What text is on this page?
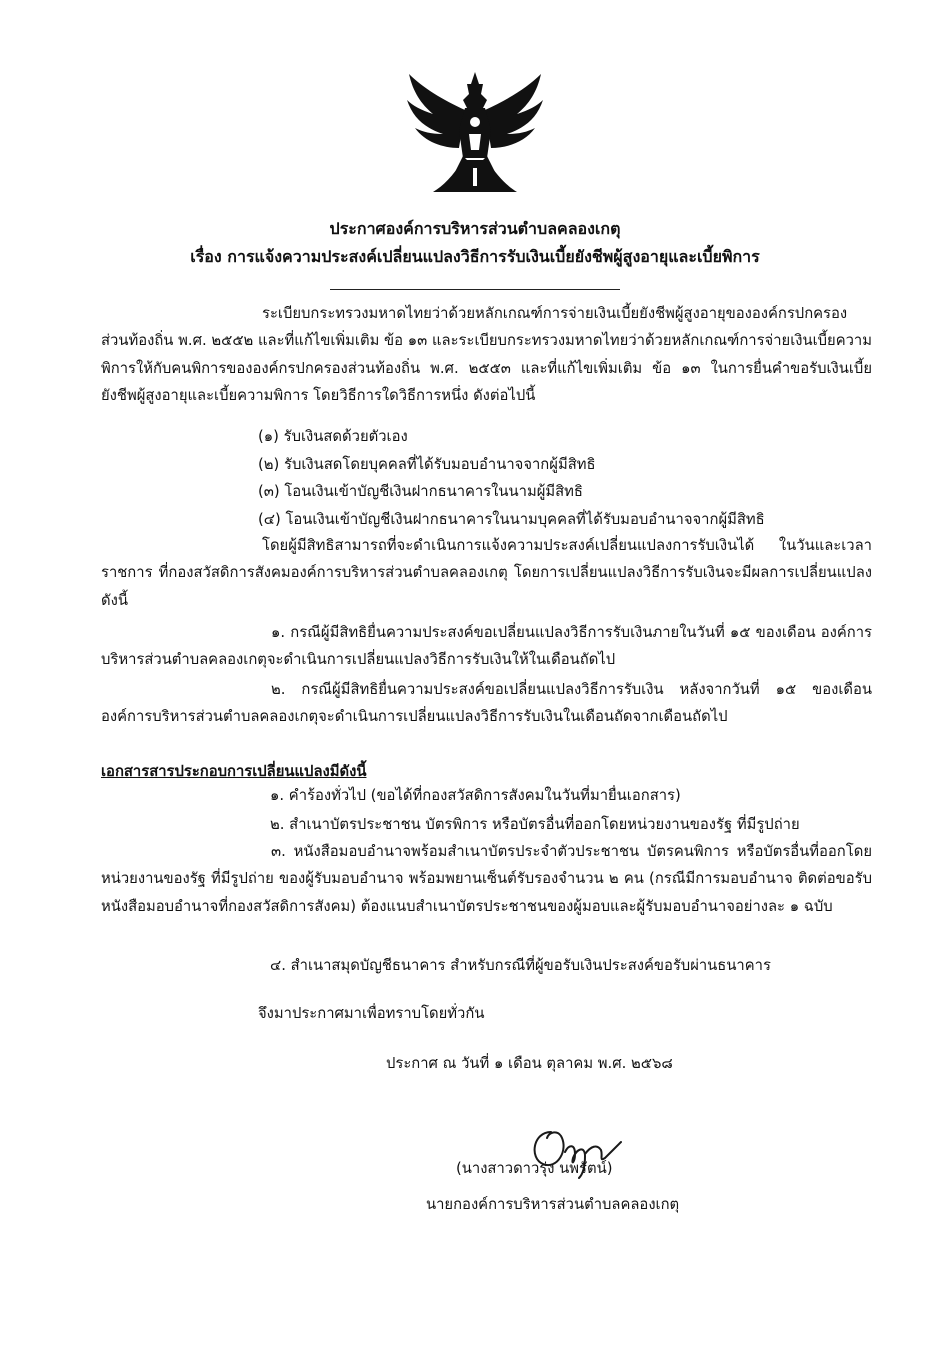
ประกาศองค์การบริหารส่วนตำบลคลองเกตุ
เรื่อง การแจ้งความประสงค์เปลี่ยนแปลงวิธีการรับเงินเบี้ยยังชีพผู้สูงอายุและเบี้ยพิการ
ระเบียบกระทรวงมหาดไทยว่าด้วยหลักเกณฑ์การจ่ายเงินเบี้ยยังชีพผู้สูงอายุขององค์กรปกครองส่วนท้องถิ่น พ.ศ. ๒๕๕๒ และที่แก้ไขเพิ่มเติม ข้อ ๑๓ และระเบียบกระทรวงมหาดไทยว่าด้วยหลักเกณฑ์การจ่ายเงินเบี้ยความพิการให้กับคนพิการขององค์กรปกครองส่วนท้องถิ่น พ.ศ. ๒๕๕๓ และที่แก้ไขเพิ่มเติม ข้อ ๑๓ ในการยื่นคำขอรับเงินเบี้ยยังชีพผู้สูงอายุและเบี้ยความพิการ โดยวิธีการใดวิธีการหนึ่ง ดังต่อไปนี้
(๑) รับเงินสดด้วยตัวเอง
(๒) รับเงินสดโดยบุคคลที่ได้รับมอบอำนาจจากผู้มีสิทธิ
(๓) โอนเงินเข้าบัญชีเงินฝากธนาคารในนามผู้มีสิทธิ
(๔) โอนเงินเข้าบัญชีเงินฝากธนาคารในนามบุคคลที่ได้รับมอบอำนาจจากผู้มีสิทธิ
โดยผู้มีสิทธิสามารถที่จะดำเนินการแจ้งความประสงค์เปลี่ยนแปลงการรับเงินได้ ในวันและเวลาราชการ ที่กองสวัสดิการสังคมองค์การบริหารส่วนตำบลคลองเกตุ โดยการเปลี่ยนแปลงวิธีการรับเงินจะมีผลการเปลี่ยนแปลงดังนี้
๑. กรณีผู้มีสิทธิยื่นความประสงค์ขอเปลี่ยนแปลงวิธีการรับเงินภายในวันที่ ๑๕ ของเดือน องค์การบริหารส่วนตำบลคลองเกตุจะดำเนินการเปลี่ยนแปลงวิธีการรับเงินให้ในเดือนถัดไป
๒. กรณีผู้มีสิทธิยื่นความประสงค์ขอเปลี่ยนแปลงวิธีการรับเงิน หลังจากวันที่ ๑๕ ของเดือน องค์การบริหารส่วนตำบลคลองเกตุจะดำเนินการเปลี่ยนแปลงวิธีการรับเงินในเดือนถัดจากเดือนถัดไป
เอกสารสารประกอบการเปลี่ยนแปลงมีดังนี้
๑. คำร้องทั่วไป (ขอได้ที่กองสวัสดิการสังคมในวันที่มายื่นเอกสาร)
๒. สำเนาบัตรประชาชน บัตรพิการ หรือบัตรอื่นที่ออกโดยหน่วยงานของรัฐ ที่มีรูปถ่าย
๓. หนังสือมอบอำนาจพร้อมสำเนาบัตรประจำตัวประชาชน บัตรคนพิการ หรือบัตรอื่นที่ออกโดยหน่วยงานของรัฐ ที่มีรูปถ่าย ของผู้รับมอบอำนาจ พร้อมพยานเซ็นต์รับรองจำนวน ๒ คน (กรณีมีการมอบอำนาจ ติดต่อขอรับหนังสือมอบอำนาจที่กองสวัสดิการสังคม) ต้องแนบสำเนาบัตรประชาชนของผู้มอบและผู้รับมอบอำนาจอย่างละ ๑ ฉบับ
๔. สำเนาสมุดบัญชีธนาคาร สำหรับกรณีที่ผู้ขอรับเงินประสงค์ขอรับผ่านธนาคาร
จึงมาประกาศมาเพื่อทราบโดยทั่วกัน
ประกาศ ณ วันที่ ๑ เดือน ตุลาคม พ.ศ. ๒๕๖๘
(นางสาวดาวรุ่ง นพรัตน์)
นายกองค์การบริหารส่วนตำบลคลองเกตุ
